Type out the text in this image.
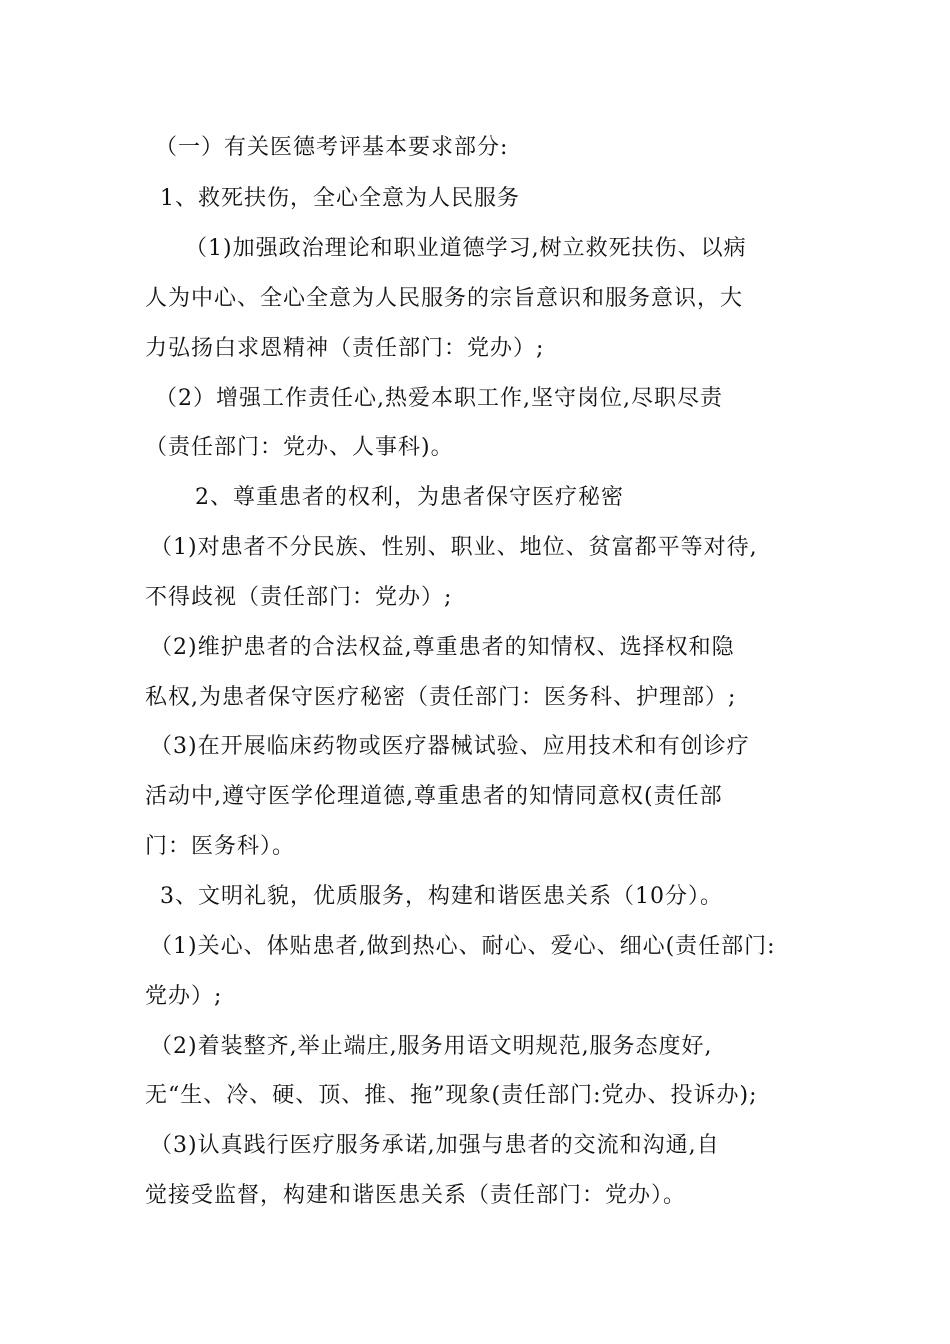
（一）有关医德考评基本要求部分:
1、救死扶伤，全心全意为人民服务
（1)加强政治理论和职业道德学习,树立救死扶伤、以病
人为中心、全心全意为人民服务的宗旨意识和服务意识，大
力弘扬白求恩精神（责任部门：党办）;
（2）增强工作责任心,热爱本职工作,坚守岗位,尽职尽责
（责任部门：党办、人事科)。
2、尊重患者的权利，为患者保守医疗秘密
（1)对患者不分民族、性别、职业、地位、贫富都平等对待,
不得歧视（责任部门：党办）;
（2)维护患者的合法权益,尊重患者的知情权、选择权和隐
私权,为患者保守医疗秘密（责任部门：医务科、护理部）;
（3)在开展临床药物或医疗器械试验、应用技术和有创诊疗
活动中,遵守医学伦理道德,尊重患者的知情同意权(责任部
门：医务科）。
3、文明礼貌，优质服务，构建和谐医患关系（10分）。
（1)关心、体贴患者,做到热心、耐心、爱心、细心(责任部门:
党办）;
（2)着装整齐,举止端庄,服务用语文明规范,服务态度好,
无“生、冷、硬、顶、推、拖”现象(责任部门:党办、投诉办);
（3)认真践行医疗服务承诺,加强与患者的交流和沟通,自
觉接受监督，构建和谐医患关系（责任部门：党办）。
